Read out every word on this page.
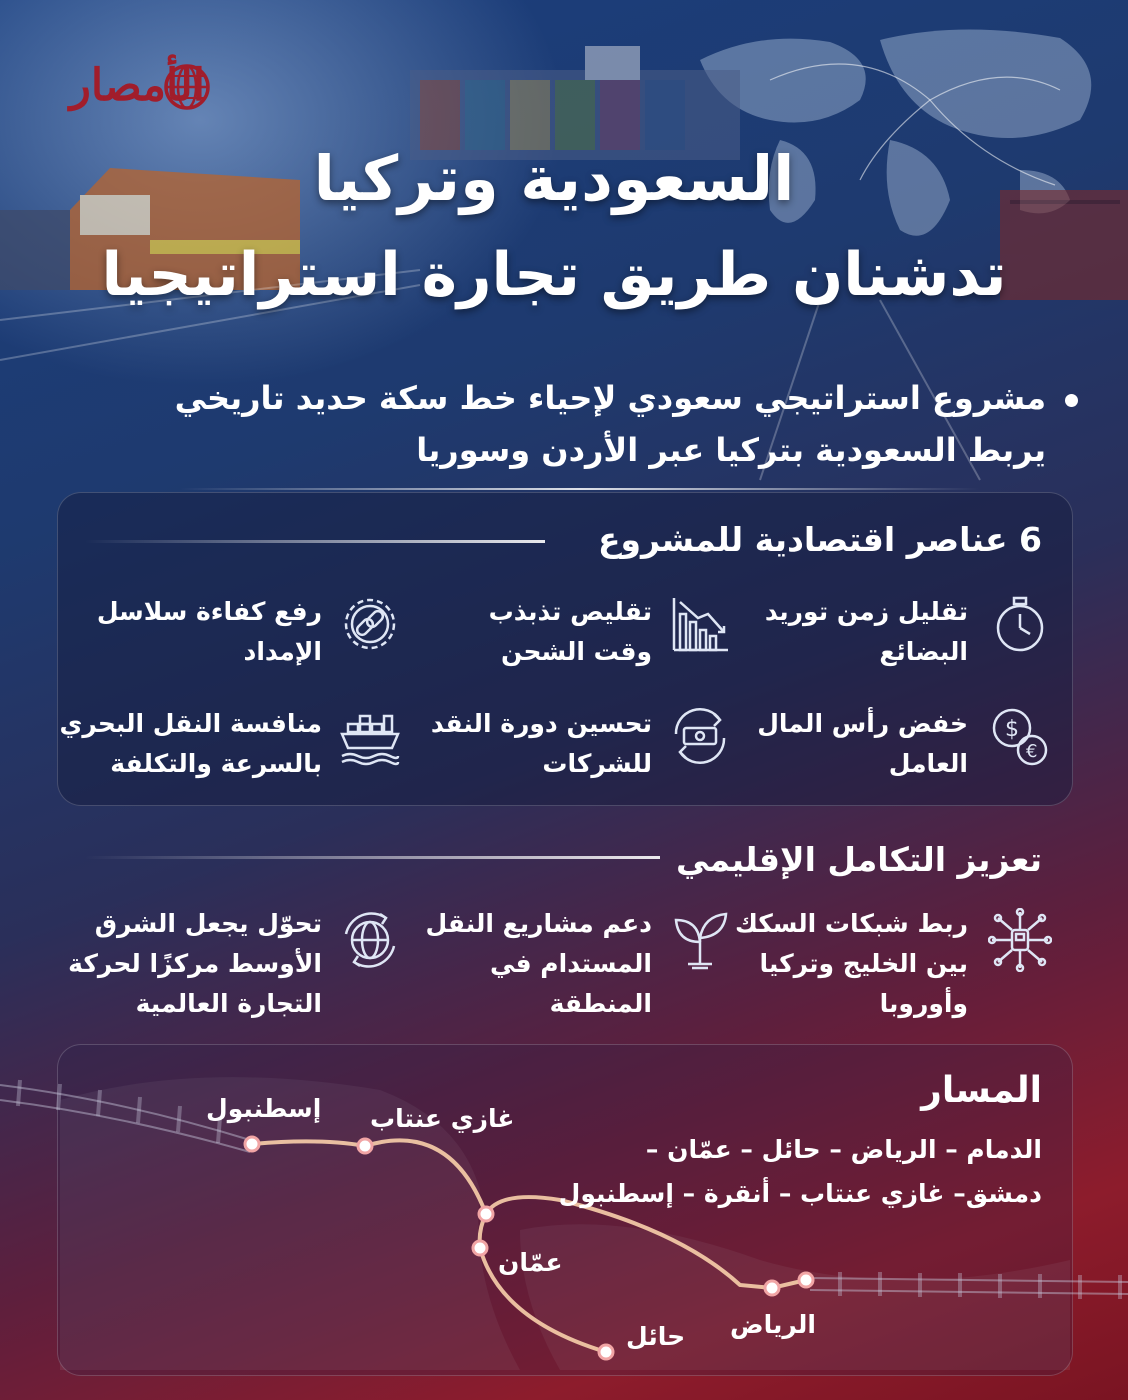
الأمصار
السعودية وتركيا
تدشنان طريق تجارة استراتيجيا
مشروع استراتيجي سعودي لإحياء خط سكة حديد تاريخي
يربط السعودية بتركيا عبر الأردن وسوريا
6 عناصر اقتصادية للمشروع
تقليل زمن توريد
البضائع
تقليص تذبذب
وقت الشحن
رفع كفاءة سلاسل
الإمداد
$
€
خفض رأس المال
العامل
تحسين دورة النقد
للشركات
منافسة النقل البحري
بالسرعة والتكلفة
تعزيز التكامل الإقليمي
ربط شبكات السكك
بين الخليج وتركيا
وأوروبا
دعم مشاريع النقل
المستدام في
المنطقة
تحوّل يجعل الشرق
الأوسط مركزًا لحركة
التجارة العالمية
المسار
الدمام – الرياض – حائل – عمّان –
دمشق– غازي عنتاب – أنقرة – إسطنبول
إسطنبول غازي عنتاب
عمّان
حائل الرياض
